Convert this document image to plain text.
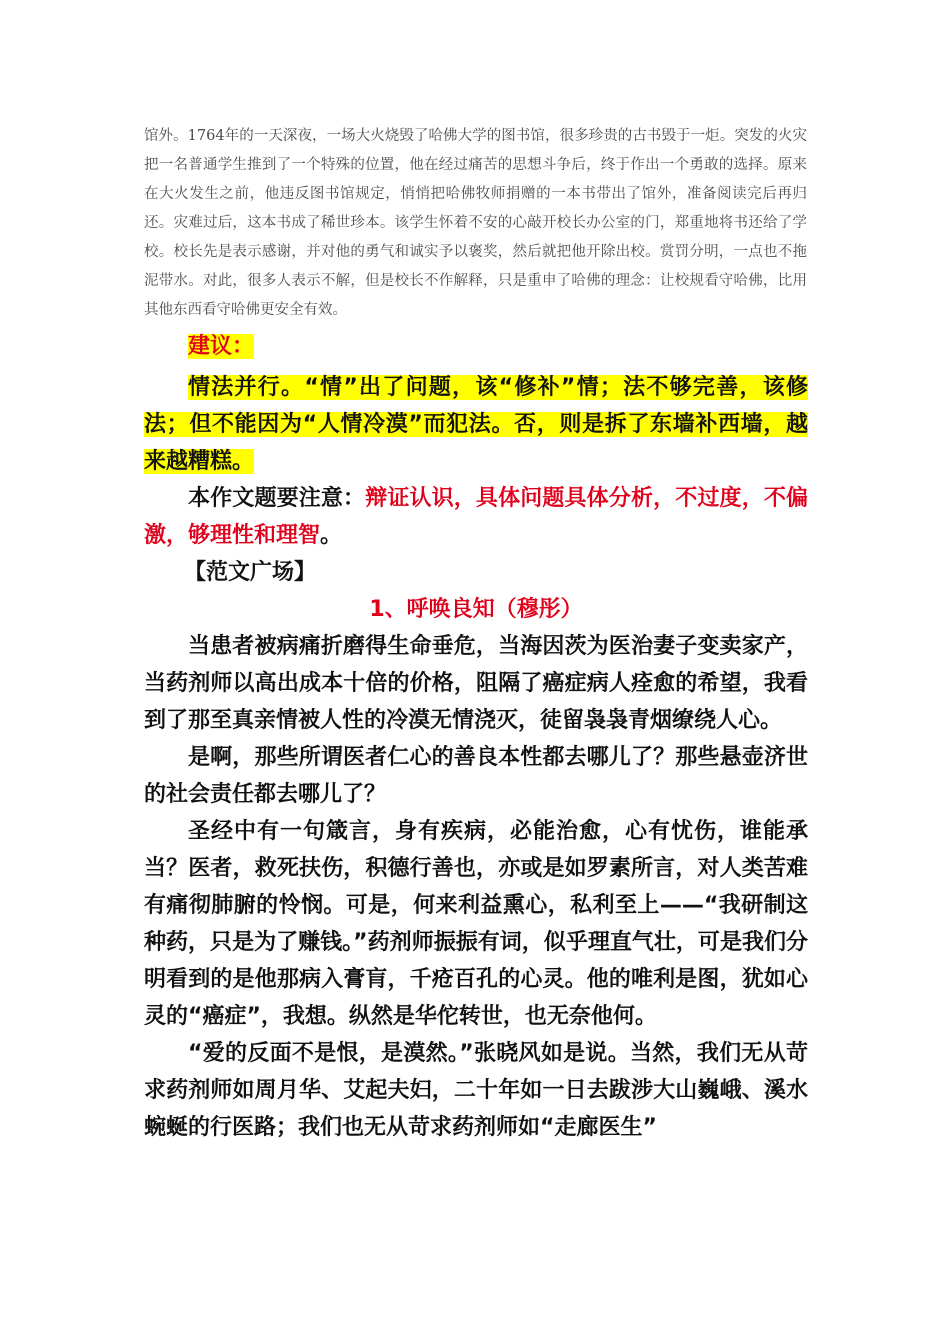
馆外。1764年的一天深夜，一场大火烧毁了哈佛大学的图书馆，很多珍贵的古书毁于一炬。突发的火灾把一名普通学生推到了一个特殊的位置，他在经过痛苦的思想斗争后，终于作出一个勇敢的选择。原来在大火发生之前，他违反图书馆规定，悄悄把哈佛牧师捐赠的一本书带出了馆外，准备阅读完后再归还。灾难过后，这本书成了稀世珍本。该学生怀着不安的心敲开校长办公室的门，郑重地将书还给了学校。校长先是表示感谢，并对他的勇气和诚实予以褒奖，然后就把他开除出校。赏罚分明，一点也不拖泥带水。对此，很多人表示不解，但是校长不作解释，只是重申了哈佛的理念：让校规看守哈佛，比用其他东西看守哈佛更安全有效。

建议：

情法并行。“情”出了问题，该“修补”情；法不够完善，该修法；但不能因为“人情冷漠”而犯法。否，则是拆了东墙补西墙，越来越糟糕。

本作文题要注意：辩证认识，具体问题具体分析，不过度，不偏激，够理性和理智。

【范文广场】

1、呼唤良知（穆彤）

当患者被病痛折磨得生命垂危，当海因茨为医治妻子变卖家产，当药剂师以高出成本十倍的价格，阻隔了癌症病人痊愈的希望，我看到了那至真亲情被人性的冷漠无情浇灭，徒留袅袅青烟缭绕人心。

是啊，那些所谓医者仁心的善良本性都去哪儿了？那些悬壶济世的社会责任都去哪儿了？

圣经中有一句箴言，身有疾病，必能治愈，心有忧伤，谁能承当？医者，救死扶伤，积德行善也，亦或是如罗素所言，对人类苦难有痛彻肺腑的怜悯。可是，何来利益熏心，私利至上——“我研制这种药，只是为了赚钱。”药剂师振振有词，似乎理直气壮，可是我们分明看到的是他那病入膏肓，千疮百孔的心灵。他的唯利是图，犹如心灵的“癌症”，我想。纵然是华佗转世，也无奈他何。

“爱的反面不是恨，是漠然。”张晓风如是说。当然，我们无从苛求药剂师如周月华、艾起夫妇，二十年如一日去跋涉大山巍峨、溪水蜿蜒的行医路；我们也无从苛求药剂师如“走廊医生”
